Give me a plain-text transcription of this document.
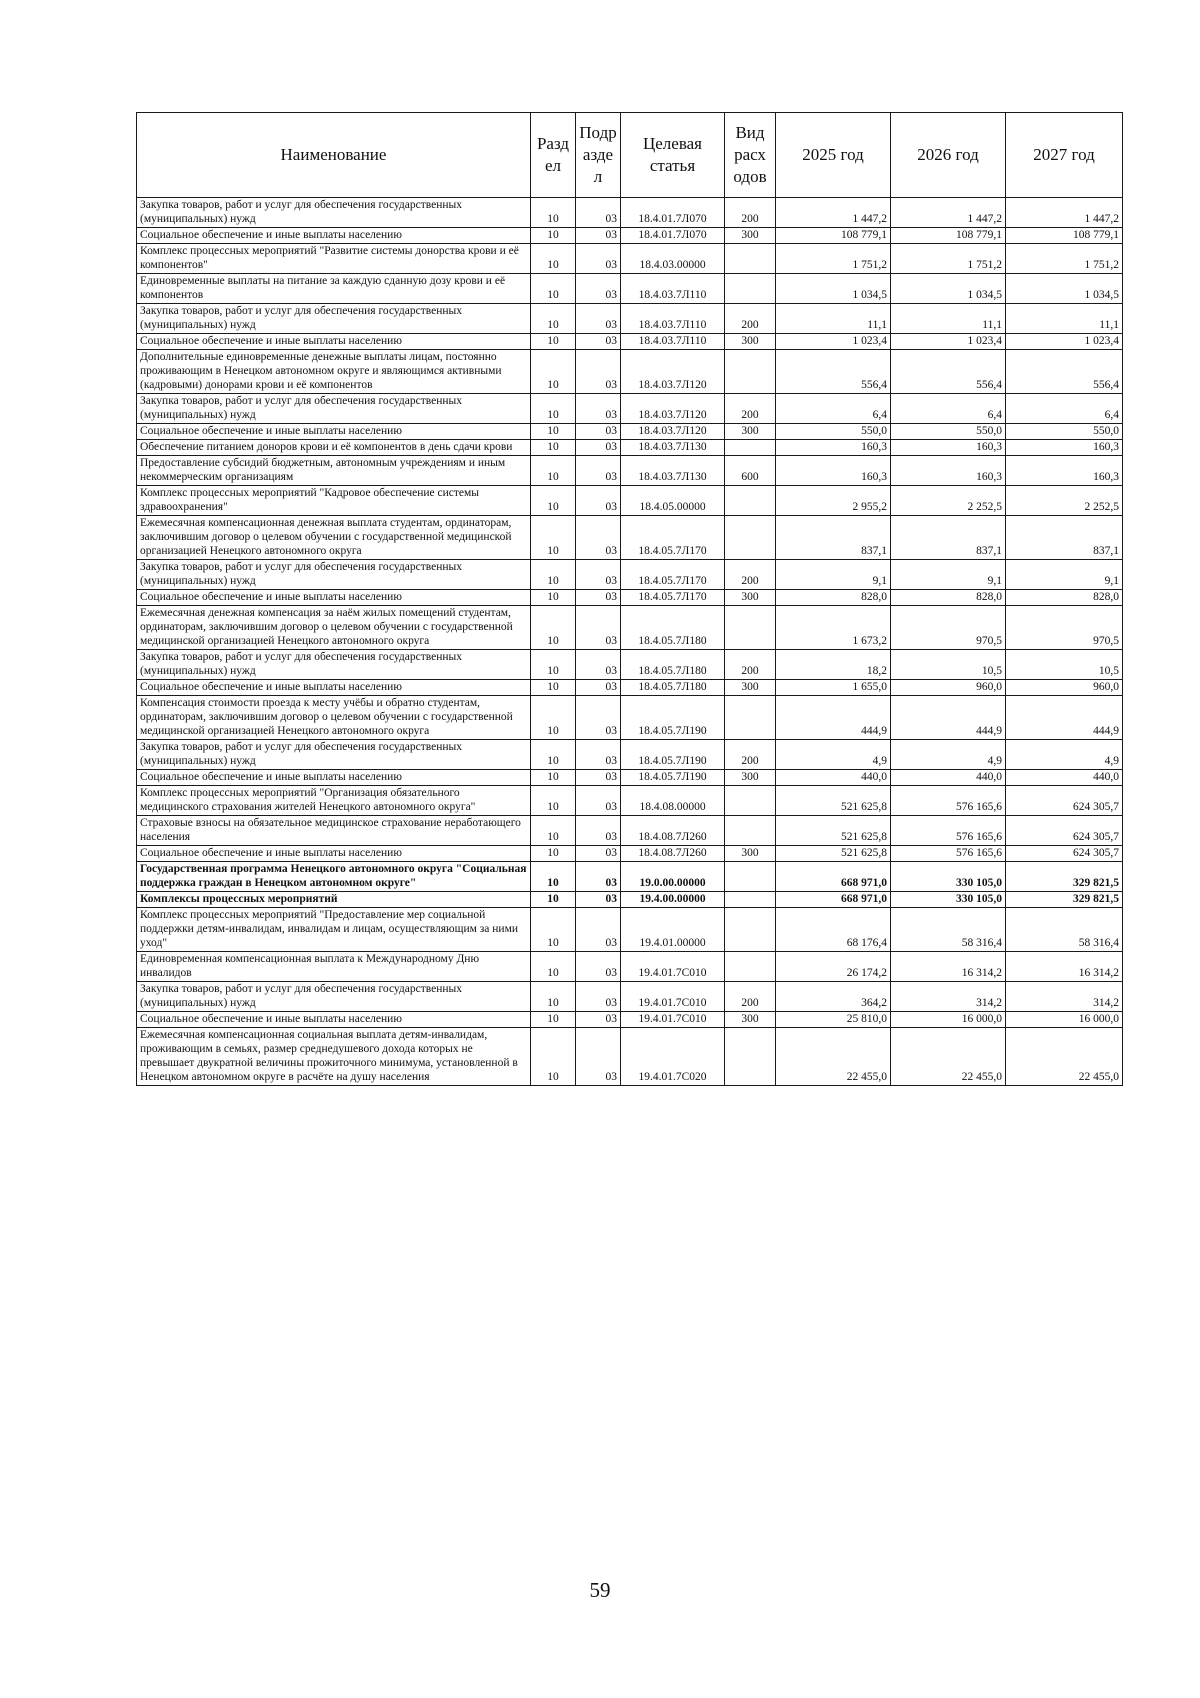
Наименование	Разд ел	Подр азде л	Целевая статья	Вид расх одов	2025 год	2026 год	2027 год
Закупка товаров, работ и услуг для обеспечения государственных (муниципальных) нужд	10	03	18.4.01.7Л070	200	1 447,2	1 447,2	1 447,2
Социальное обеспечение и иные выплаты населению	10	03	18.4.01.7Л070	300	108 779,1	108 779,1	108 779,1
Комплекс процессных мероприятий "Развитие системы донорства крови и её компонентов"	10	03	18.4.03.00000		1 751,2	1 751,2	1 751,2
Единовременные выплаты на питание за каждую сданную дозу крови и её компонентов	10	03	18.4.03.7Л110		1 034,5	1 034,5	1 034,5
Закупка товаров, работ и услуг для обеспечения государственных (муниципальных) нужд	10	03	18.4.03.7Л110	200	11,1	11,1	11,1
Социальное обеспечение и иные выплаты населению	10	03	18.4.03.7Л110	300	1 023,4	1 023,4	1 023,4
Дополнительные единовременные денежные выплаты лицам, постоянно проживающим в Ненецком автономном округе и являющимся активными (кадровыми) донорами крови и её компонентов	10	03	18.4.03.7Л120		556,4	556,4	556,4
Закупка товаров, работ и услуг для обеспечения государственных (муниципальных) нужд	10	03	18.4.03.7Л120	200	6,4	6,4	6,4
Социальное обеспечение и иные выплаты населению	10	03	18.4.03.7Л120	300	550,0	550,0	550,0
Обеспечение питанием доноров крови и её компонентов в день сдачи крови	10	03	18.4.03.7Л130		160,3	160,3	160,3
Предоставление субсидий бюджетным, автономным учреждениям и иным некоммерческим организациям	10	03	18.4.03.7Л130	600	160,3	160,3	160,3
Комплекс процессных мероприятий "Кадровое обеспечение системы здравоохранения"	10	03	18.4.05.00000		2 955,2	2 252,5	2 252,5
Ежемесячная компенсационная денежная выплата студентам, ординаторам, заключившим договор о целевом обучении с государственной медицинской организацией Ненецкого автономного округа	10	03	18.4.05.7Л170		837,1	837,1	837,1
Закупка товаров, работ и услуг для обеспечения государственных (муниципальных) нужд	10	03	18.4.05.7Л170	200	9,1	9,1	9,1
Социальное обеспечение и иные выплаты населению	10	03	18.4.05.7Л170	300	828,0	828,0	828,0
Ежемесячная денежная компенсация за наём жилых помещений студентам, ординаторам, заключившим договор о целевом обучении с государственной медицинской организацией Ненецкого автономного округа	10	03	18.4.05.7Л180		1 673,2	970,5	970,5
Закупка товаров, работ и услуг для обеспечения государственных (муниципальных) нужд	10	03	18.4.05.7Л180	200	18,2	10,5	10,5
Социальное обеспечение и иные выплаты населению	10	03	18.4.05.7Л180	300	1 655,0	960,0	960,0
Компенсация стоимости проезда к месту учёбы и обратно студентам, ординаторам, заключившим договор о целевом обучении с государственной медицинской организацией Ненецкого автономного округа	10	03	18.4.05.7Л190		444,9	444,9	444,9
Закупка товаров, работ и услуг для обеспечения государственных (муниципальных) нужд	10	03	18.4.05.7Л190	200	4,9	4,9	4,9
Социальное обеспечение и иные выплаты населению	10	03	18.4.05.7Л190	300	440,0	440,0	440,0
Комплекс процессных мероприятий "Организация обязательного медицинского страхования жителей Ненецкого автономного округа"	10	03	18.4.08.00000		521 625,8	576 165,6	624 305,7
Страховые взносы на обязательное медицинское страхование неработающего населения	10	03	18.4.08.7Л260		521 625,8	576 165,6	624 305,7
Социальное обеспечение и иные выплаты населению	10	03	18.4.08.7Л260	300	521 625,8	576 165,6	624 305,7
Государственная программа Ненецкого автономного округа "Социальная поддержка граждан в Ненецком автономном округе"	10	03	19.0.00.00000		668 971,0	330 105,0	329 821,5
Комплексы процессных мероприятий	10	03	19.4.00.00000		668 971,0	330 105,0	329 821,5
Комплекс процессных мероприятий "Предоставление мер социальной поддержки детям-инвалидам, инвалидам и лицам, осуществляющим за ними уход"	10	03	19.4.01.00000		68 176,4	58 316,4	58 316,4
Единовременная компенсационная выплата к Международному Дню инвалидов	10	03	19.4.01.7С010		26 174,2	16 314,2	16 314,2
Закупка товаров, работ и услуг для обеспечения государственных (муниципальных) нужд	10	03	19.4.01.7С010	200	364,2	314,2	314,2
Социальное обеспечение и иные выплаты населению	10	03	19.4.01.7С010	300	25 810,0	16 000,0	16 000,0
Ежемесячная компенсационная социальная выплата детям-инвалидам, проживающим в семьях, размер среднедушевого дохода которых не превышает двукратной величины прожиточного минимума, установленной в Ненецком автономном округе в расчёте на душу населения	10	03	19.4.01.7С020		22 455,0	22 455,0	22 455,0
59
